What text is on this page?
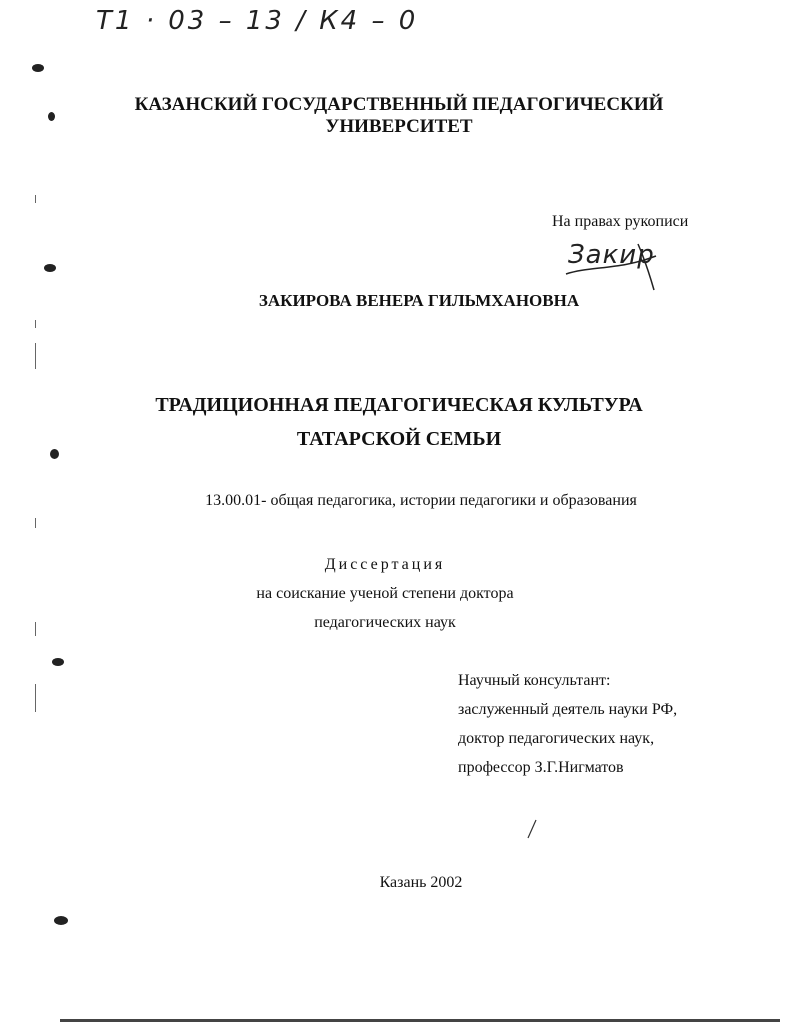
Т1 · 03 – 13 / К4 – 0
КАЗАНСКИЙ ГОСУДАРСТВЕННЫЙ ПЕДАГОГИЧЕСКИЙ
УНИВЕРСИТЕТ
На правах рукописи
Закир
ЗАКИРОВА ВЕНЕРА ГИЛЬМХАНОВНА
ТРАДИЦИОННАЯ ПЕДАГОГИЧЕСКАЯ КУЛЬТУРА
ТАТАРСКОЙ СЕМЬИ
13.00.01- общая педагогика, истории педагогики и образования
Диссертация
на соискание ученой степени доктора
педагогических наук
Научный консультант:
заслуженный деятель науки РФ,
доктор педагогических наук,
профессор З.Г.Нигматов
Казань 2002
